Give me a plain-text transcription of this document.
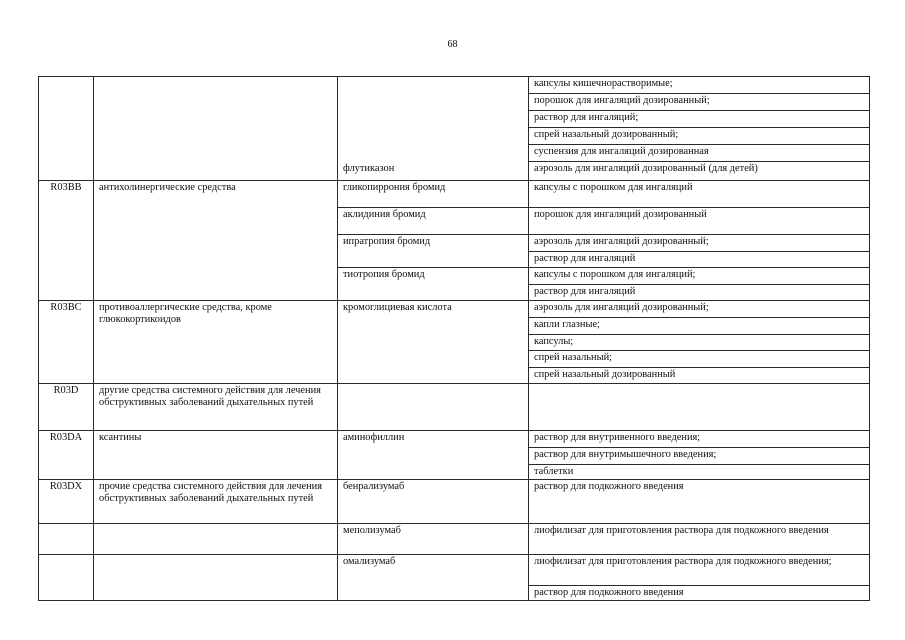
68
			капсулы кишечнорастворимые;
			порошок для ингаляций дозированный;
			раствор для ингаляций;
			спрей назальный дозированный;
			суспензия для ингаляций дозированная
		флутиказон	аэрозоль для ингаляций дозированный (для детей)
R03BB	антихолинергические средства	гликопиррония бромид	капсулы с порошком для ингаляций
		аклидиния бромид	порошок для ингаляций дозированный
		ипратропия бромид	аэрозоль для ингаляций дозированный;
			раствор для ингаляций
		тиотропия бромид	капсулы с порошком для ингаляций;
			раствор для ингаляций
R03BC	противоаллергические средства, кроме глюкокортикоидов	кромоглициевая кислота	аэрозоль для ингаляций дозированный;
			капли глазные;
			капсулы;
			спрей назальный;
			спрей назальный дозированный
R03D	другие средства системного действия для лечения обструктивных заболеваний дыхательных путей		
R03DA	ксантины	аминофиллин	раствор для внутривенного введения;
			раствор для внутримышечного введения;
			таблетки
R03DX	прочие средства системного действия для лечения обструктивных заболеваний дыхательных путей	бенрализумаб	раствор для подкожного введения
		меполизумаб	лиофилизат для приготовления раствора для подкожного введения
		омализумаб	лиофилизат для приготовления раствора для подкожного введения;
			раствор для подкожного введения
